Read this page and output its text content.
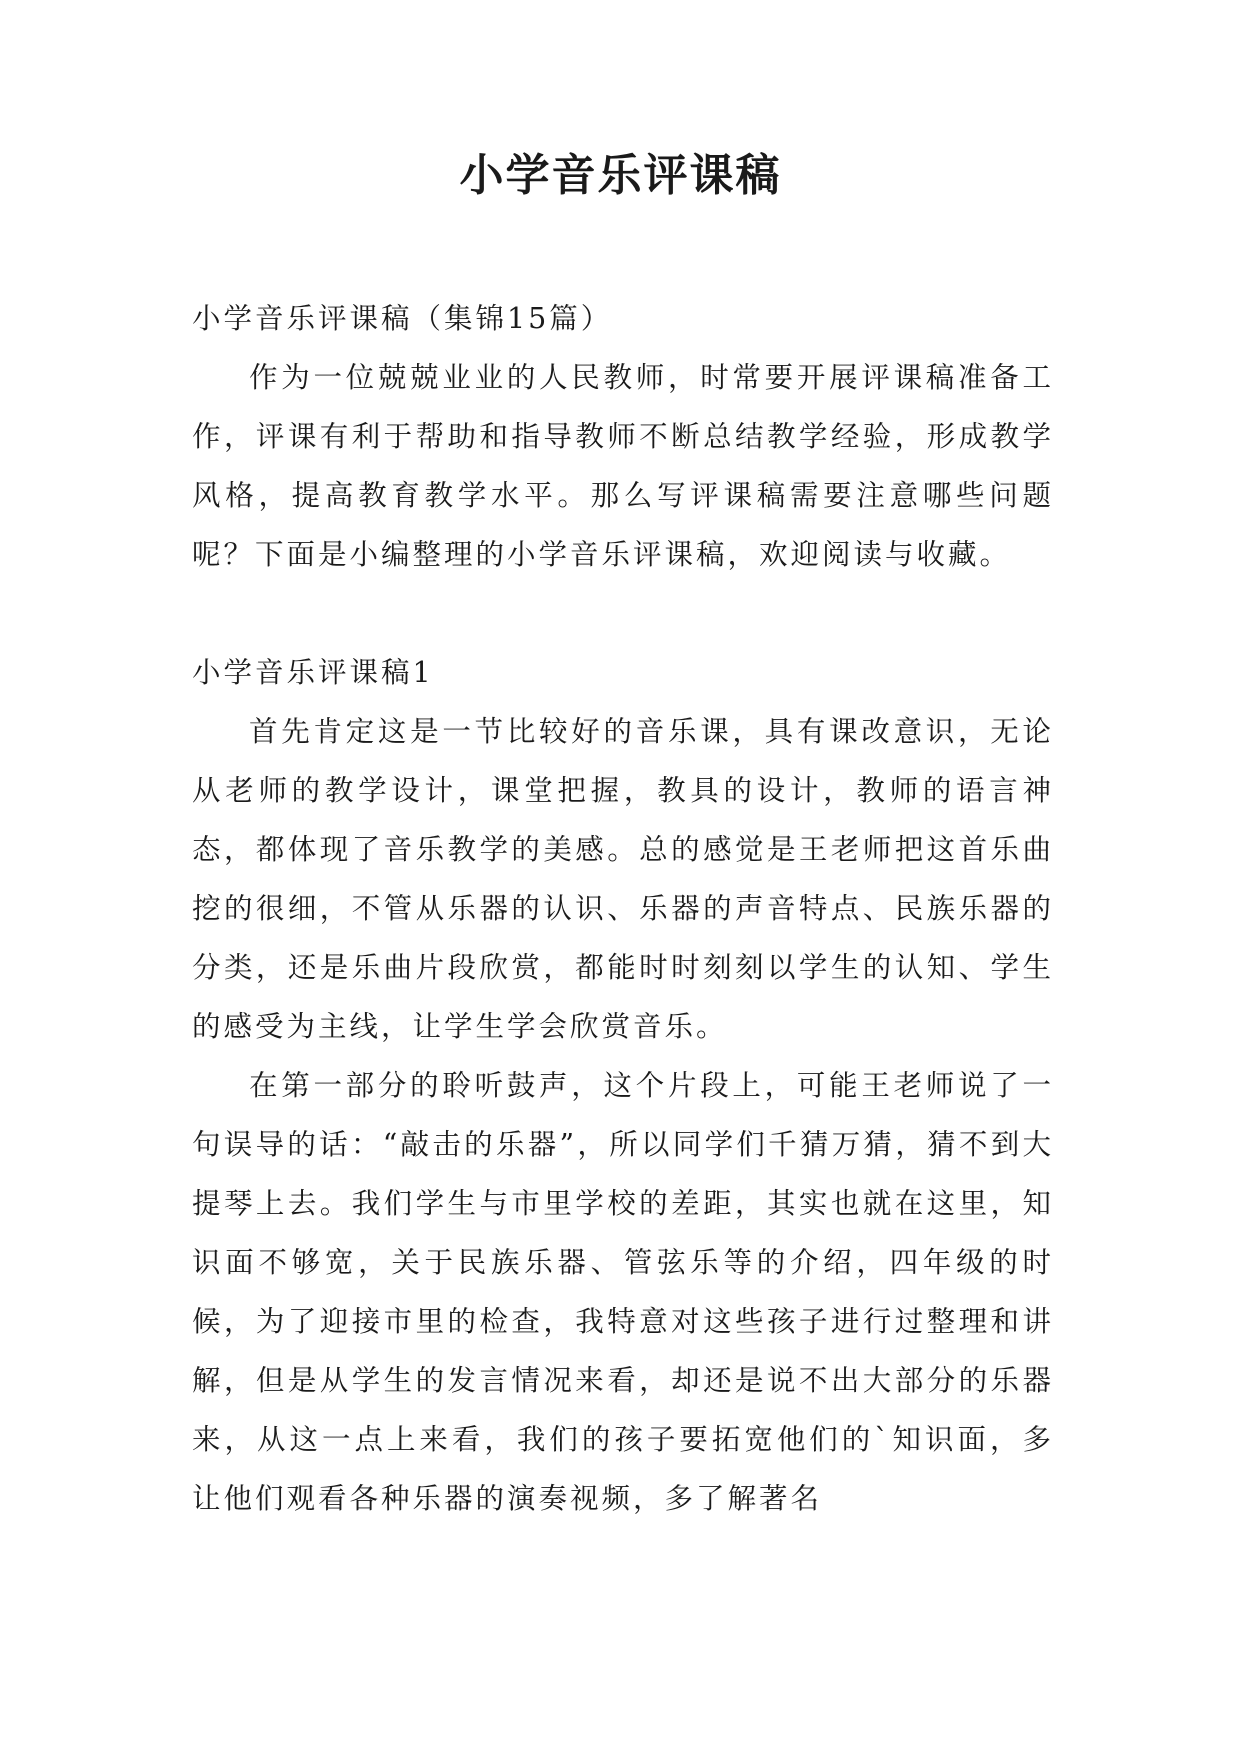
小学音乐评课稿

小学音乐评课稿（集锦15篇）

作为一位兢兢业业的人民教师，时常要开展评课稿准备工作，评课有利于帮助和指导教师不断总结教学经验，形成教学风格，提高教育教学水平。那么写评课稿需要注意哪些问题呢？下面是小编整理的小学音乐评课稿，欢迎阅读与收藏。

小学音乐评课稿1

首先肯定这是一节比较好的音乐课，具有课改意识，无论从老师的教学设计，课堂把握，教具的设计，教师的语言神态，都体现了音乐教学的美感。总的感觉是王老师把这首乐曲挖的很细，不管从乐器的认识、乐器的声音特点、民族乐器的分类，还是乐曲片段欣赏，都能时时刻刻以学生的认知、学生的感受为主线，让学生学会欣赏音乐。

在第一部分的聆听鼓声，这个片段上，可能王老师说了一句误导的话：“敲击的乐器”，所以同学们千猜万猜，猜不到大提琴上去。我们学生与市里学校的差距，其实也就在这里，知识面不够宽，关于民族乐器、管弦乐等的介绍，四年级的时候，为了迎接市里的检查，我特意对这些孩子进行过整理和讲解，但是从学生的发言情况来看，却还是说不出大部分的乐器来，从这一点上来看，我们的孩子要拓宽他们的`知识面，多让他们观看各种乐器的演奏视频，多了解著名
